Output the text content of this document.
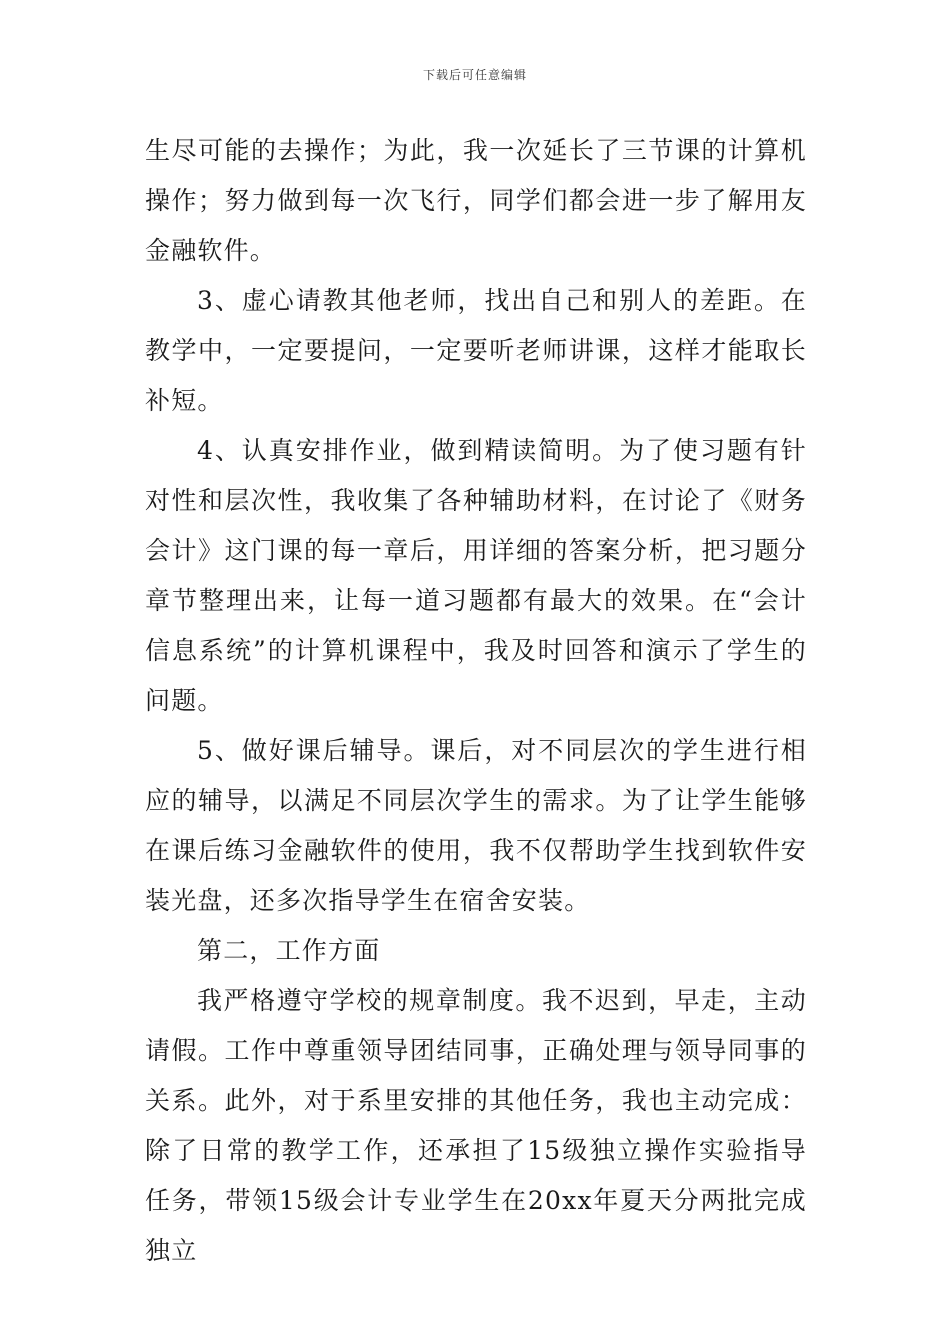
下载后可任意编辑

生尽可能的去操作；为此，我一次延长了三节课的计算机操作；努力做到每一次飞行，同学们都会进一步了解用友金融软件。

3、虚心请教其他老师，找出自己和别人的差距。在教学中，一定要提问，一定要听老师讲课，这样才能取长补短。

4、认真安排作业，做到精读简明。为了使习题有针对性和层次性，我收集了各种辅助材料，在讨论了《财务会计》这门课的每一章后，用详细的答案分析，把习题分章节整理出来，让每一道习题都有最大的效果。在“会计信息系统”的计算机课程中，我及时回答和演示了学生的问题。

5、做好课后辅导。课后，对不同层次的学生进行相应的辅导，以满足不同层次学生的需求。为了让学生能够在课后练习金融软件的使用，我不仅帮助学生找到软件安装光盘，还多次指导学生在宿舍安装。

第二，工作方面

我严格遵守学校的规章制度。我不迟到，早走，主动请假。工作中尊重领导团结同事，正确处理与领导同事的关系。此外，对于系里安排的其他任务，我也主动完成：除了日常的教学工作，还承担了15级独立操作实验指导任务，带领15级会计专业学生在20xx年夏天分两批完成独立
